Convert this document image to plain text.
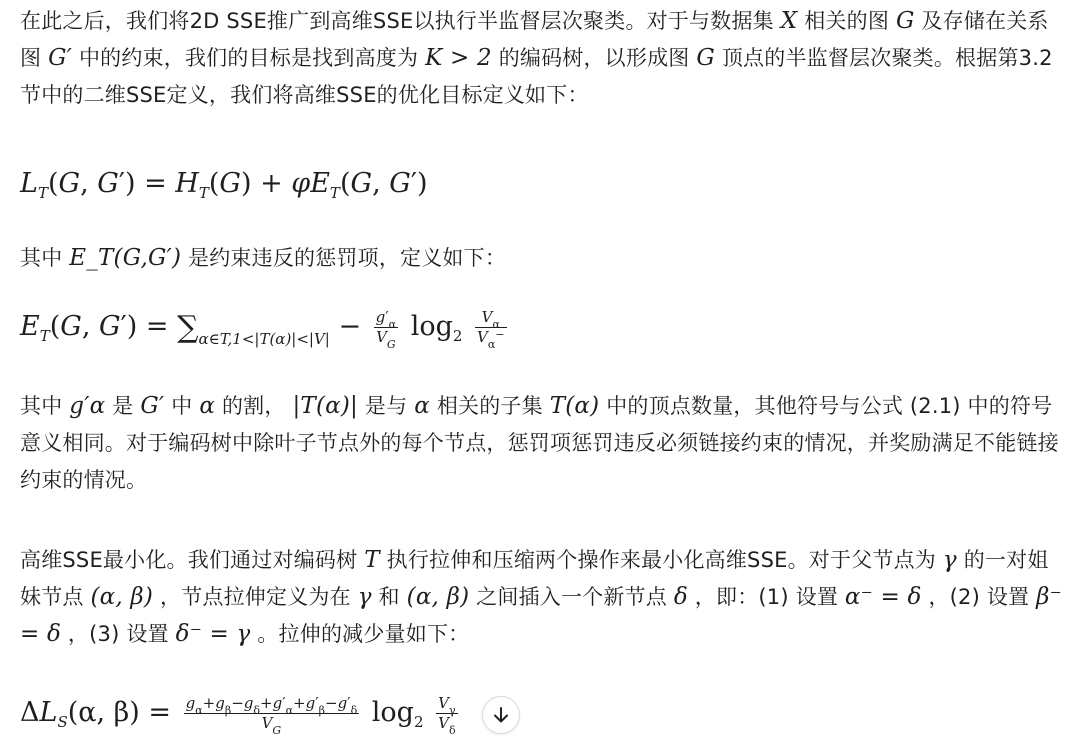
在此之后，我们将2D SSE推广到高维SSE以执行半监督层次聚类。对于与数据集 X 相关的图 G 及存储在关系图 G′ 中的约束，我们的目标是找到高度为 K > 2 的编码树，以形成图 G 顶点的半监督层次聚类。根据第3.2节中的二维SSE定义，我们将高维SSE的优化目标定义如下：

$L_T(G$, $G') = H_T(G) + \varphi E_T(G$, G′)

其中 E_T(G,G′) 是约束违反的惩罚项，定义如下：

$E_T(G$, $G') = \sum_{\alpha\in T,1<|T(\alpha)|<|V|} - \frac{g'_\alpha}{V_G} \log_2 \frac{V_\alpha}{V_{\alpha^-}}$

其中 g′α 是 G′ 中 α 的割， |T(α)| 是与 α 相关的子集 T(α) 中的顶点数量，其他符号与公式 (2.1) 中的符号意义相同。对于编码树中除叶子节点外的每个节点，惩罚项惩罚违反必须链接约束的情况，并奖励满足不能链接约束的情况。

高维SSE最小化。我们通过对编码树 T 执行拉伸和压缩两个操作来最小化高维SSE。对于父节点为 γ 的一对姐妹节点 (α, β) ，节点拉伸定义为在 γ 和 (α, β) 之间插入一个新节点 δ ，即：(1) 设置 α⁻ = δ ，(2) 设置 β⁻ = δ ，(3) 设置 δ⁻ = γ 。拉伸的减少量如下：

$\Delta L_S(\alpha$, $\beta) = \frac{g_\alpha+g_\beta-g_\delta+g'_\alpha+g'_\beta-g'_\delta}{V_G} \log_2 \frac{V_\gamma}{V_\delta}$
